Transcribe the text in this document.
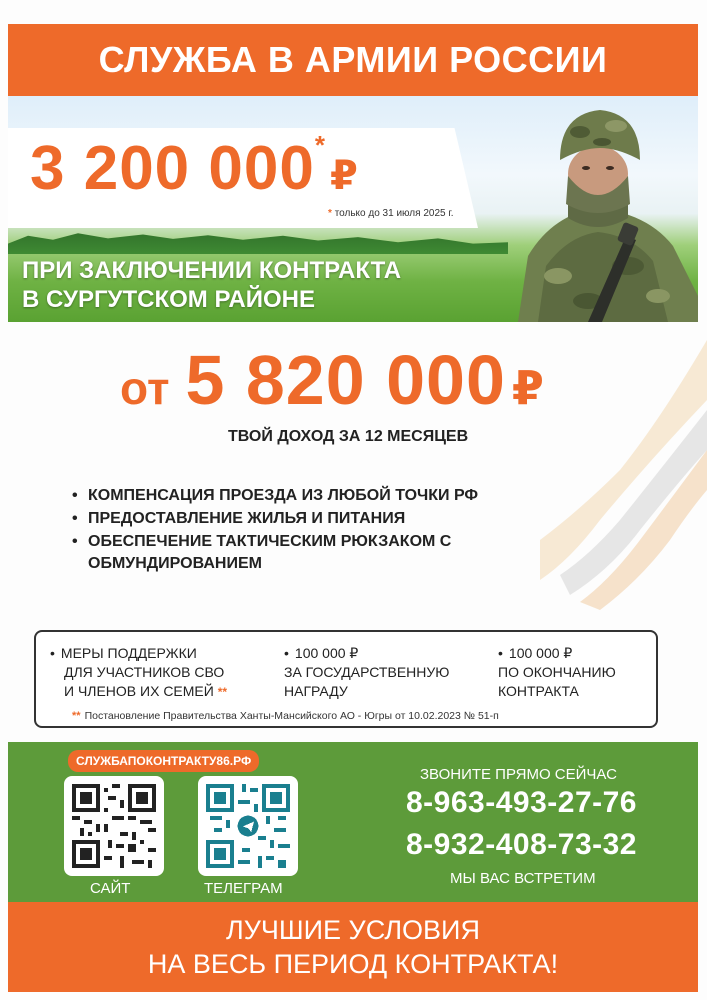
СЛУЖБА В АРМИИ РОССИИ
3 200 000*₽
* только до 31 июля 2025 г.
ПРИ ЗАКЛЮЧЕНИИ КОНТРАКТА
В СУРГУТСКОМ РАЙОНЕ
от 5 820 000 ₽
ТВОЙ ДОХОД ЗА 12 МЕСЯЦЕВ
• КОМПЕНСАЦИЯ ПРОЕЗДА ИЗ ЛЮБОЙ ТОЧКИ РФ
• ПРЕДОСТАВЛЕНИЕ ЖИЛЬЯ И ПИТАНИЯ
• ОБЕСПЕЧЕНИЕ ТАКТИЧЕСКИМ РЮКЗАКОМ С ОБМУНДИРОВАНИЕМ
• МЕРЫ ПОДДЕРЖКИ
ДЛЯ УЧАСТНИКОВ СВО
И ЧЛЕНОВ ИХ СЕМЕЙ **
• 100 000 ₽
ЗА ГОСУДАРСТВЕННУЮ
НАГРАДУ
• 100 000 ₽
ПО ОКОНЧАНИЮ
КОНТРАКТА
** Постановление Правительства Ханты-Мансийского АО - Югры от 10.02.2023 № 51-п
СЛУЖБАПОКОНТРАКТУ86.РФ
САЙТ	ТЕЛЕГРАМ
ЗВОНИТЕ ПРЯМО СЕЙЧАС
8-963-493-27-76
8-932-408-73-32
МЫ ВАС ВСТРЕТИМ
ЛУЧШИЕ УСЛОВИЯ
НА ВЕСЬ ПЕРИОД КОНТРАКТА!
